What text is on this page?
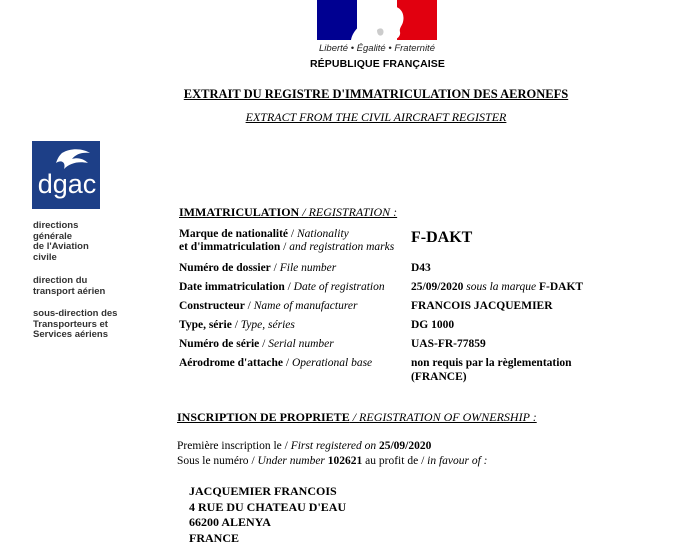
Liberté • Égalité • Fraternité
RÉPUBLIQUE FRANÇAISE
EXTRAIT DU REGISTRE D'IMMATRICULATION DES AERONEFS
EXTRACT FROM THE CIVIL AIRCRAFT REGISTER
dgac
directions
générale
de l'Aviation
civile
direction du
transport aérien
sous-direction des
Transporteurs et
Services aériens
IMMATRICULATION / REGISTRATION :
Marque de nationalité / Nationality
et d'immatriculation / and registration marks
F-DAKT
Numéro de dossier / File number	D43
Date immatriculation / Date of registration 25/09/2020 sous la marque F-DAKT
Constructeur / Name of manufacturer	FRANCOIS JACQUEMIER
Type, série / Type, séries	DG 1000
Numéro de série / Serial number	UAS-FR-77859
Aérodrome d'attache / Operational base	non requis par la règlementation
(FRANCE)
INSCRIPTION DE PROPRIETE / REGISTRATION OF OWNERSHIP :
Première inscription le / First registered on 25/09/2020
Sous le numéro / Under number 102621 au profit de / in favour of :
JACQUEMIER FRANCOIS
4 RUE DU CHATEAU D'EAU
66200 ALENYA
FRANCE
